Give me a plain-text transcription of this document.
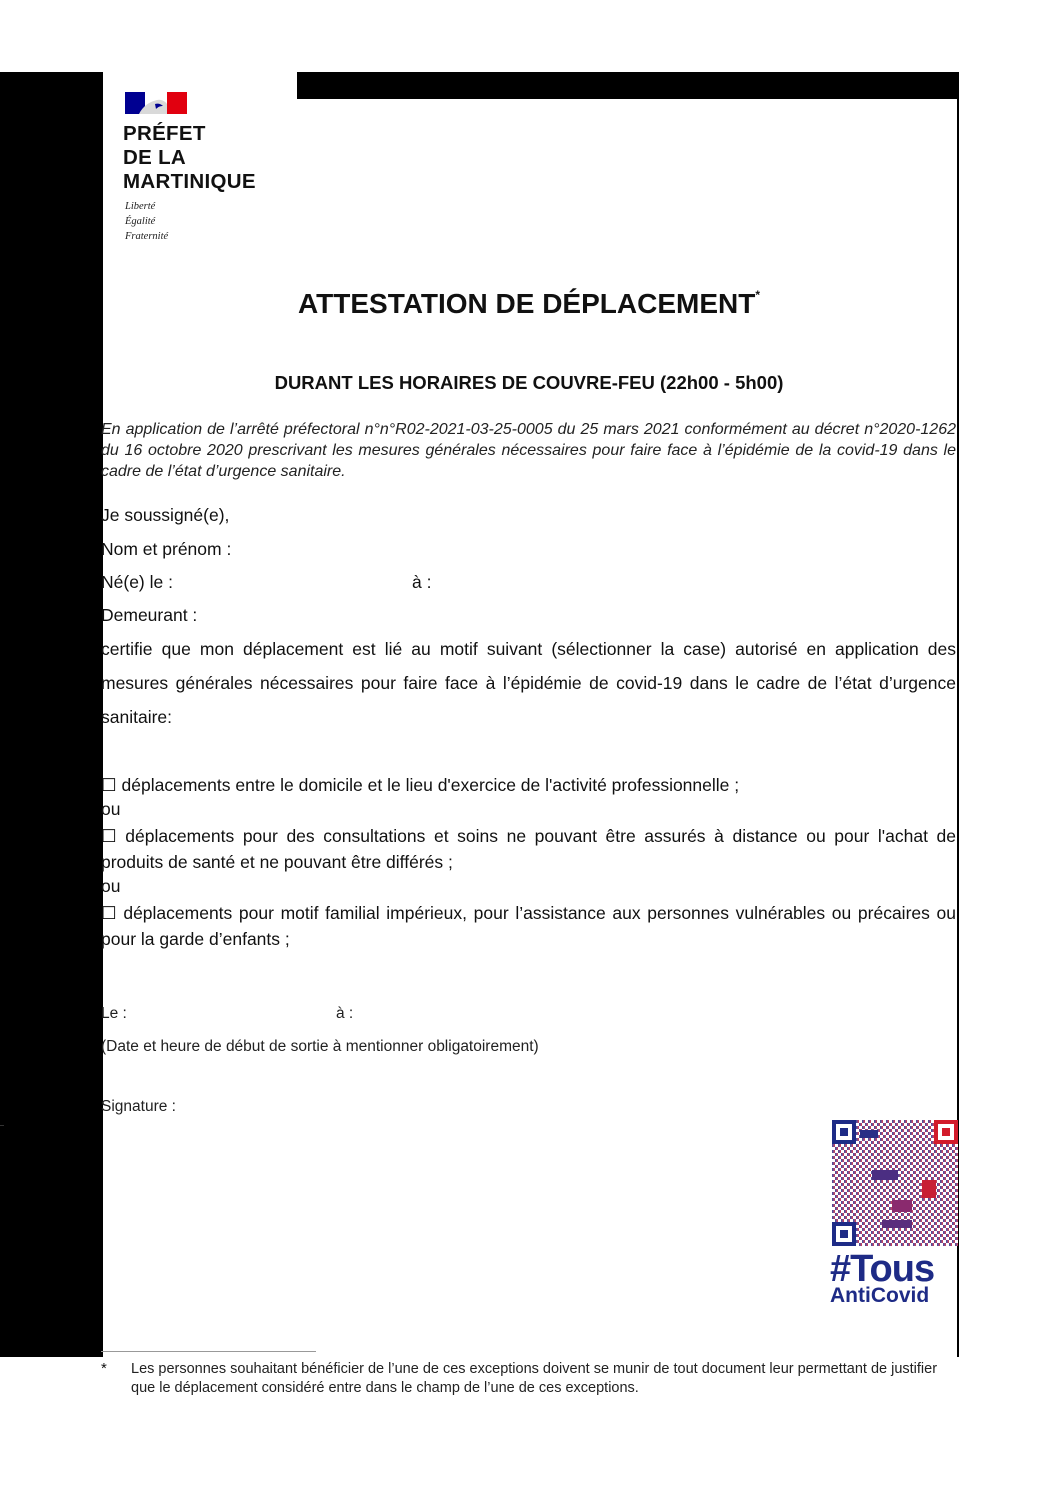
PRÉFET
DE LA
MARTINIQUE
Liberté
Égalité
Fraternité
ATTESTATION DE DÉPLACEMENT*
DURANT LES HORAIRES DE COUVRE-FEU (22h00 - 5h00)
En application de l’arrêté préfectoral n°n°R02-2021-03-25-0005 du 25 mars 2021 conformément au décret n°2020-1262 du 16 octobre 2020 prescrivant les mesures générales nécessaires pour faire face à l’épidémie de la covid-19 dans le cadre de l’état d’urgence sanitaire.
Je soussigné(e),
Nom et prénom :
Né(e) le :	à :
Demeurant :
certifie que mon déplacement est lié au motif suivant (sélectionner la case) autorisé en application des mesures générales nécessaires pour faire face à l’épidémie de covid-19 dans le cadre de l’état d’urgence sanitaire:
☐ déplacements entre le domicile et le lieu d'exercice de l'activité professionnelle ;
ou
☐ déplacements pour des consultations et soins ne pouvant être assurés à distance ou pour l'achat de produits de santé et ne pouvant être différés ;
ou
☐ déplacements pour motif familial impérieux, pour l’assistance aux personnes vulnérables ou précaires ou pour la garde d’enfants ;
Le :	à :
(Date et heure de début de sortie à mentionner obligatoirement)
Signature :
#Tous
AntiCovid
* Les personnes souhaitant bénéficier de l’une de ces exceptions doivent se munir de tout document leur permettant de justifier que le déplacement considéré entre dans le champ de l’une de ces exceptions.
